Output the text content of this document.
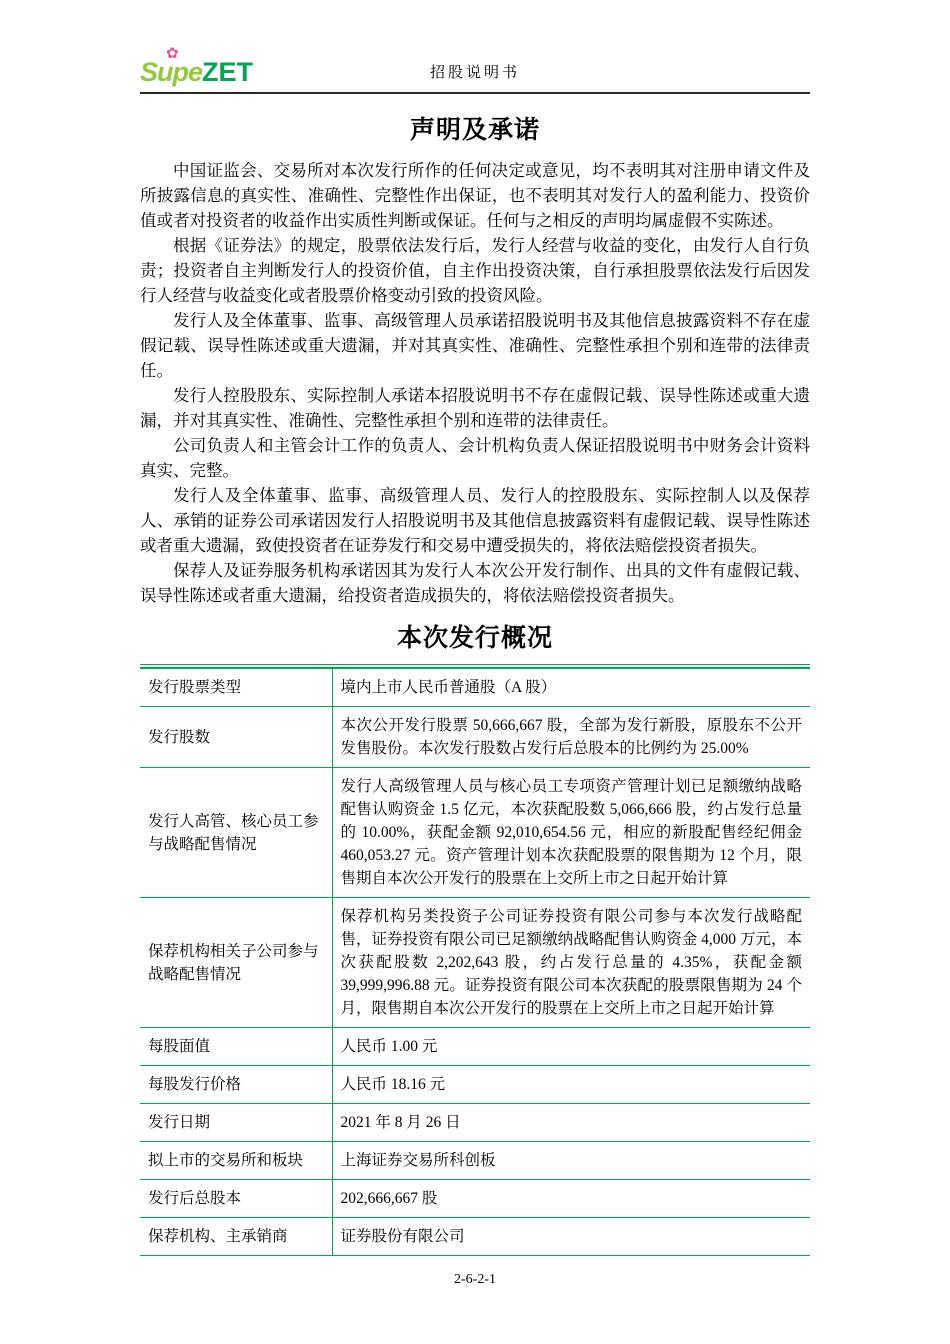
✿
SupeZET	招股说明书
声明及承诺

中国证监会、交易所对本次发行所作的任何决定或意见，均不表明其对注册申请文件及所披露信息的真实性、准确性、完整性作出保证，也不表明其对发行人的盈利能力、投资价值或者对投资者的收益作出实质性判断或保证。任何与之相反的声明均属虚假不实陈述。

根据《证券法》的规定，股票依法发行后，发行人经营与收益的变化，由发行人自行负责；投资者自主判断发行人的投资价值，自主作出投资决策，自行承担股票依法发行后因发行人经营与收益变化或者股票价格变动引致的投资风险。

发行人及全体董事、监事、高级管理人员承诺招股说明书及其他信息披露资料不存在虚假记载、误导性陈述或重大遗漏，并对其真实性、准确性、完整性承担个别和连带的法律责任。

发行人控股股东、实际控制人承诺本招股说明书不存在虚假记载、误导性陈述或重大遗漏，并对其真实性、准确性、完整性承担个别和连带的法律责任。

公司负责人和主管会计工作的负责人、会计机构负责人保证招股说明书中财务会计资料真实、完整。

发行人及全体董事、监事、高级管理人员、发行人的控股股东、实际控制人以及保荐人、承销的证券公司承诺因发行人招股说明书及其他信息披露资料有虚假记载、误导性陈述或者重大遗漏，致使投资者在证券发行和交易中遭受损失的，将依法赔偿投资者损失。

保荐人及证券服务机构承诺因其为发行人本次公开发行制作、出具的文件有虚假记载、误导性陈述或者重大遗漏，给投资者造成损失的，将依法赔偿投资者损失。

本次发行概况
发行股票类型	境内上市人民币普通股（A 股）
发行股数	本次公开发行股票 50,666,667 股，全部为发行新股，原股东不公开发售股份。本次发行股数占发行后总股本的比例约为 25.00%
发行人高管、核心员工参与战略配售情况	发行人高级管理人员与核心员工专项资产管理计划已足额缴纳战略配售认购资金 1.5 亿元，本次获配股数 5,066,666 股，约占发行总量的 10.00%，获配金额 92,010,654.56 元，相应的新股配售经纪佣金 460,053.27 元。资产管理计划本次获配股票的限售期为 12 个月，限售期自本次公开发行的股票在上交所上市之日起开始计算
保荐机构相关子公司参与战略配售情况	保荐机构另类投资子公司证券投资有限公司参与本次发行战略配售，证券投资有限公司已足额缴纳战略配售认购资金 4,000 万元，本次获配股数 2,202,643 股，约占发行总量的 4.35%，获配金额 39,999,996.88 元。证券投资有限公司本次获配的股票限售期为 24 个月，限售期自本次公开发行的股票在上交所上市之日起开始计算
每股面值	人民币 1.00 元
每股发行价格	人民币 18.16 元
发行日期	2021 年 8 月 26 日
拟上市的交易所和板块	上海证券交易所科创板
发行后总股本	202,666,667 股
保荐机构、主承销商	证券股份有限公司
2-6-2-1
